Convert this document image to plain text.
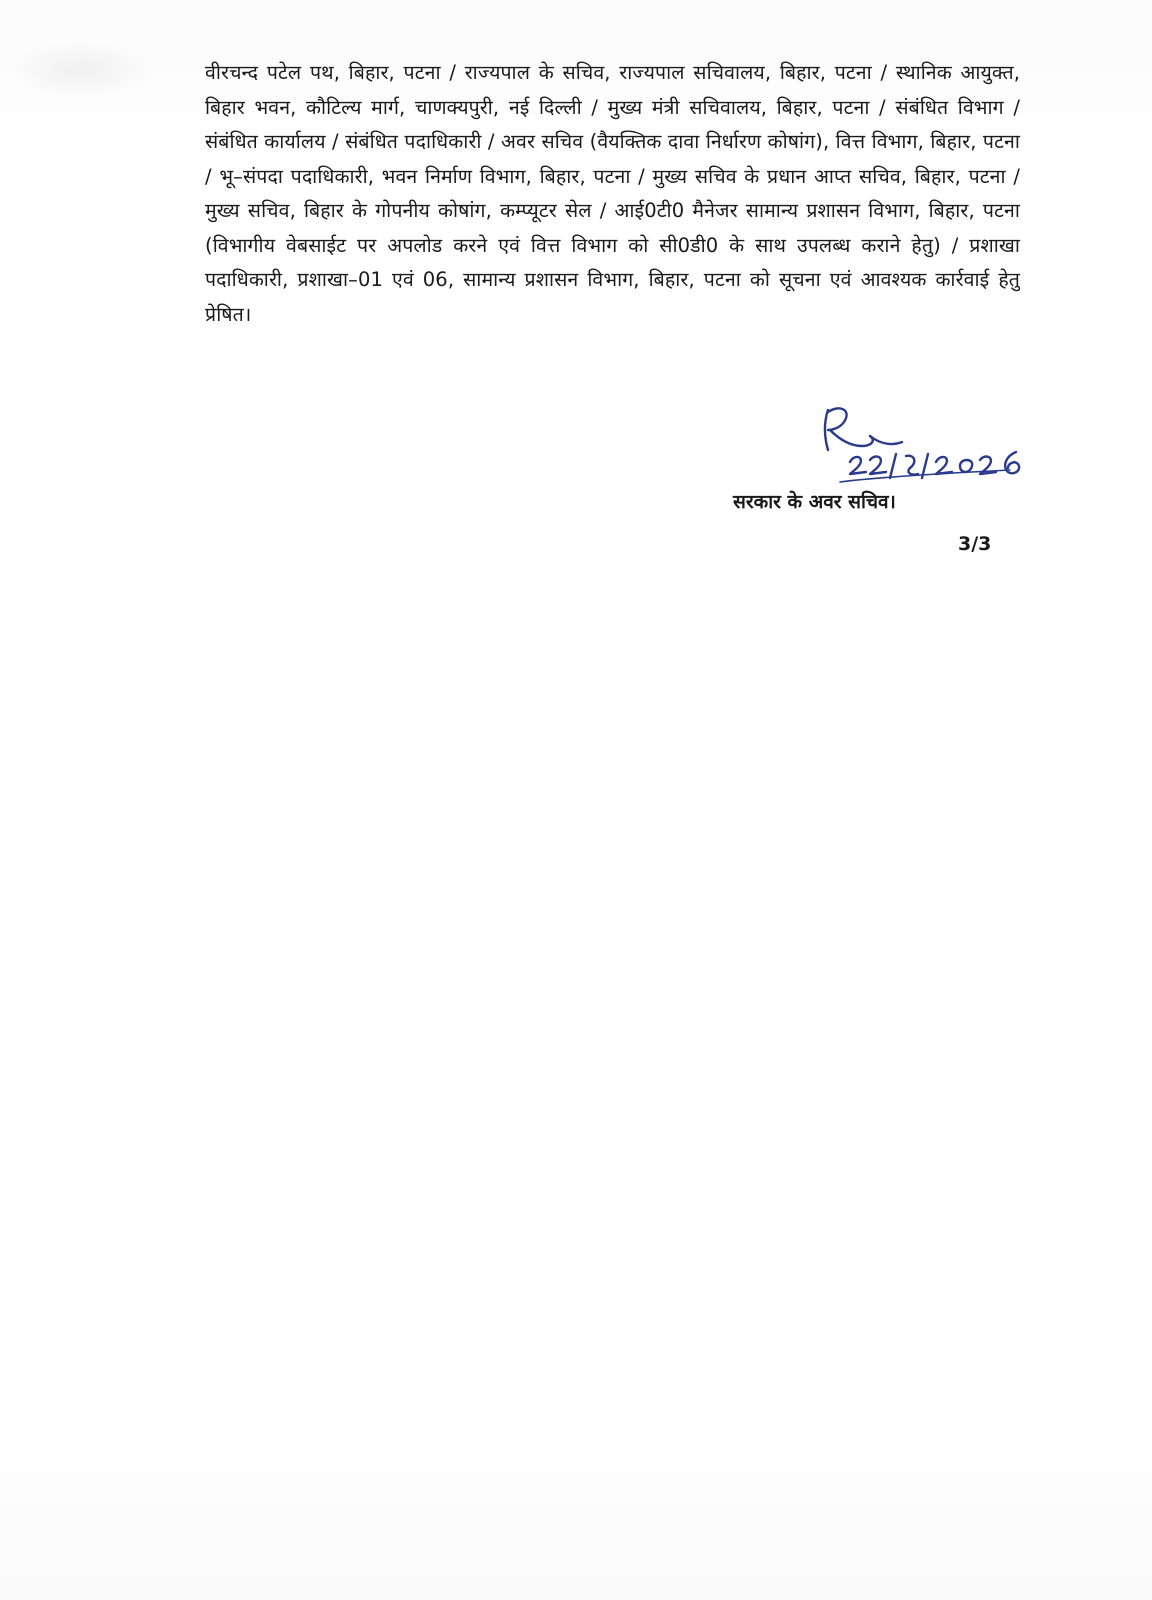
वीरचन्द पटेल पथ, बिहार, पटना / राज्यपाल के सचिव, राज्यपाल सचिवालय, बिहार, पटना / स्थानिक आयुक्त, बिहार भवन, कौटिल्य मार्ग, चाणक्यपुरी, नई दिल्ली / मुख्य मंत्री सचिवालय, बिहार, पटना / संबंधित विभाग / संबंधित कार्यालय / संबंधित पदाधिकारी / अवर सचिव (वैयक्तिक दावा निर्धारण कोषांग), वित्त विभाग, बिहार, पटना / भू–संपदा पदाधिकारी, भवन निर्माण विभाग, बिहार, पटना / मुख्य सचिव के प्रधान आप्त सचिव, बिहार, पटना / मुख्य सचिव, बिहार के गोपनीय कोषांग, कम्प्यूटर सेल / आई0टी0 मैनेजर सामान्य प्रशासन विभाग, बिहार, पटना (विभागीय वेबसाईट पर अपलोड करने एवं वित्त विभाग को सी0डी0 के साथ उपलब्ध कराने हेतु) / प्रशाखा पदाधिकारी, प्रशाखा–01 एवं 06, सामान्य प्रशासन विभाग, बिहार, पटना को सूचना एवं आवश्यक कार्रवाई हेतु प्रेषित।

सरकार के अवर सचिव।

3/3
